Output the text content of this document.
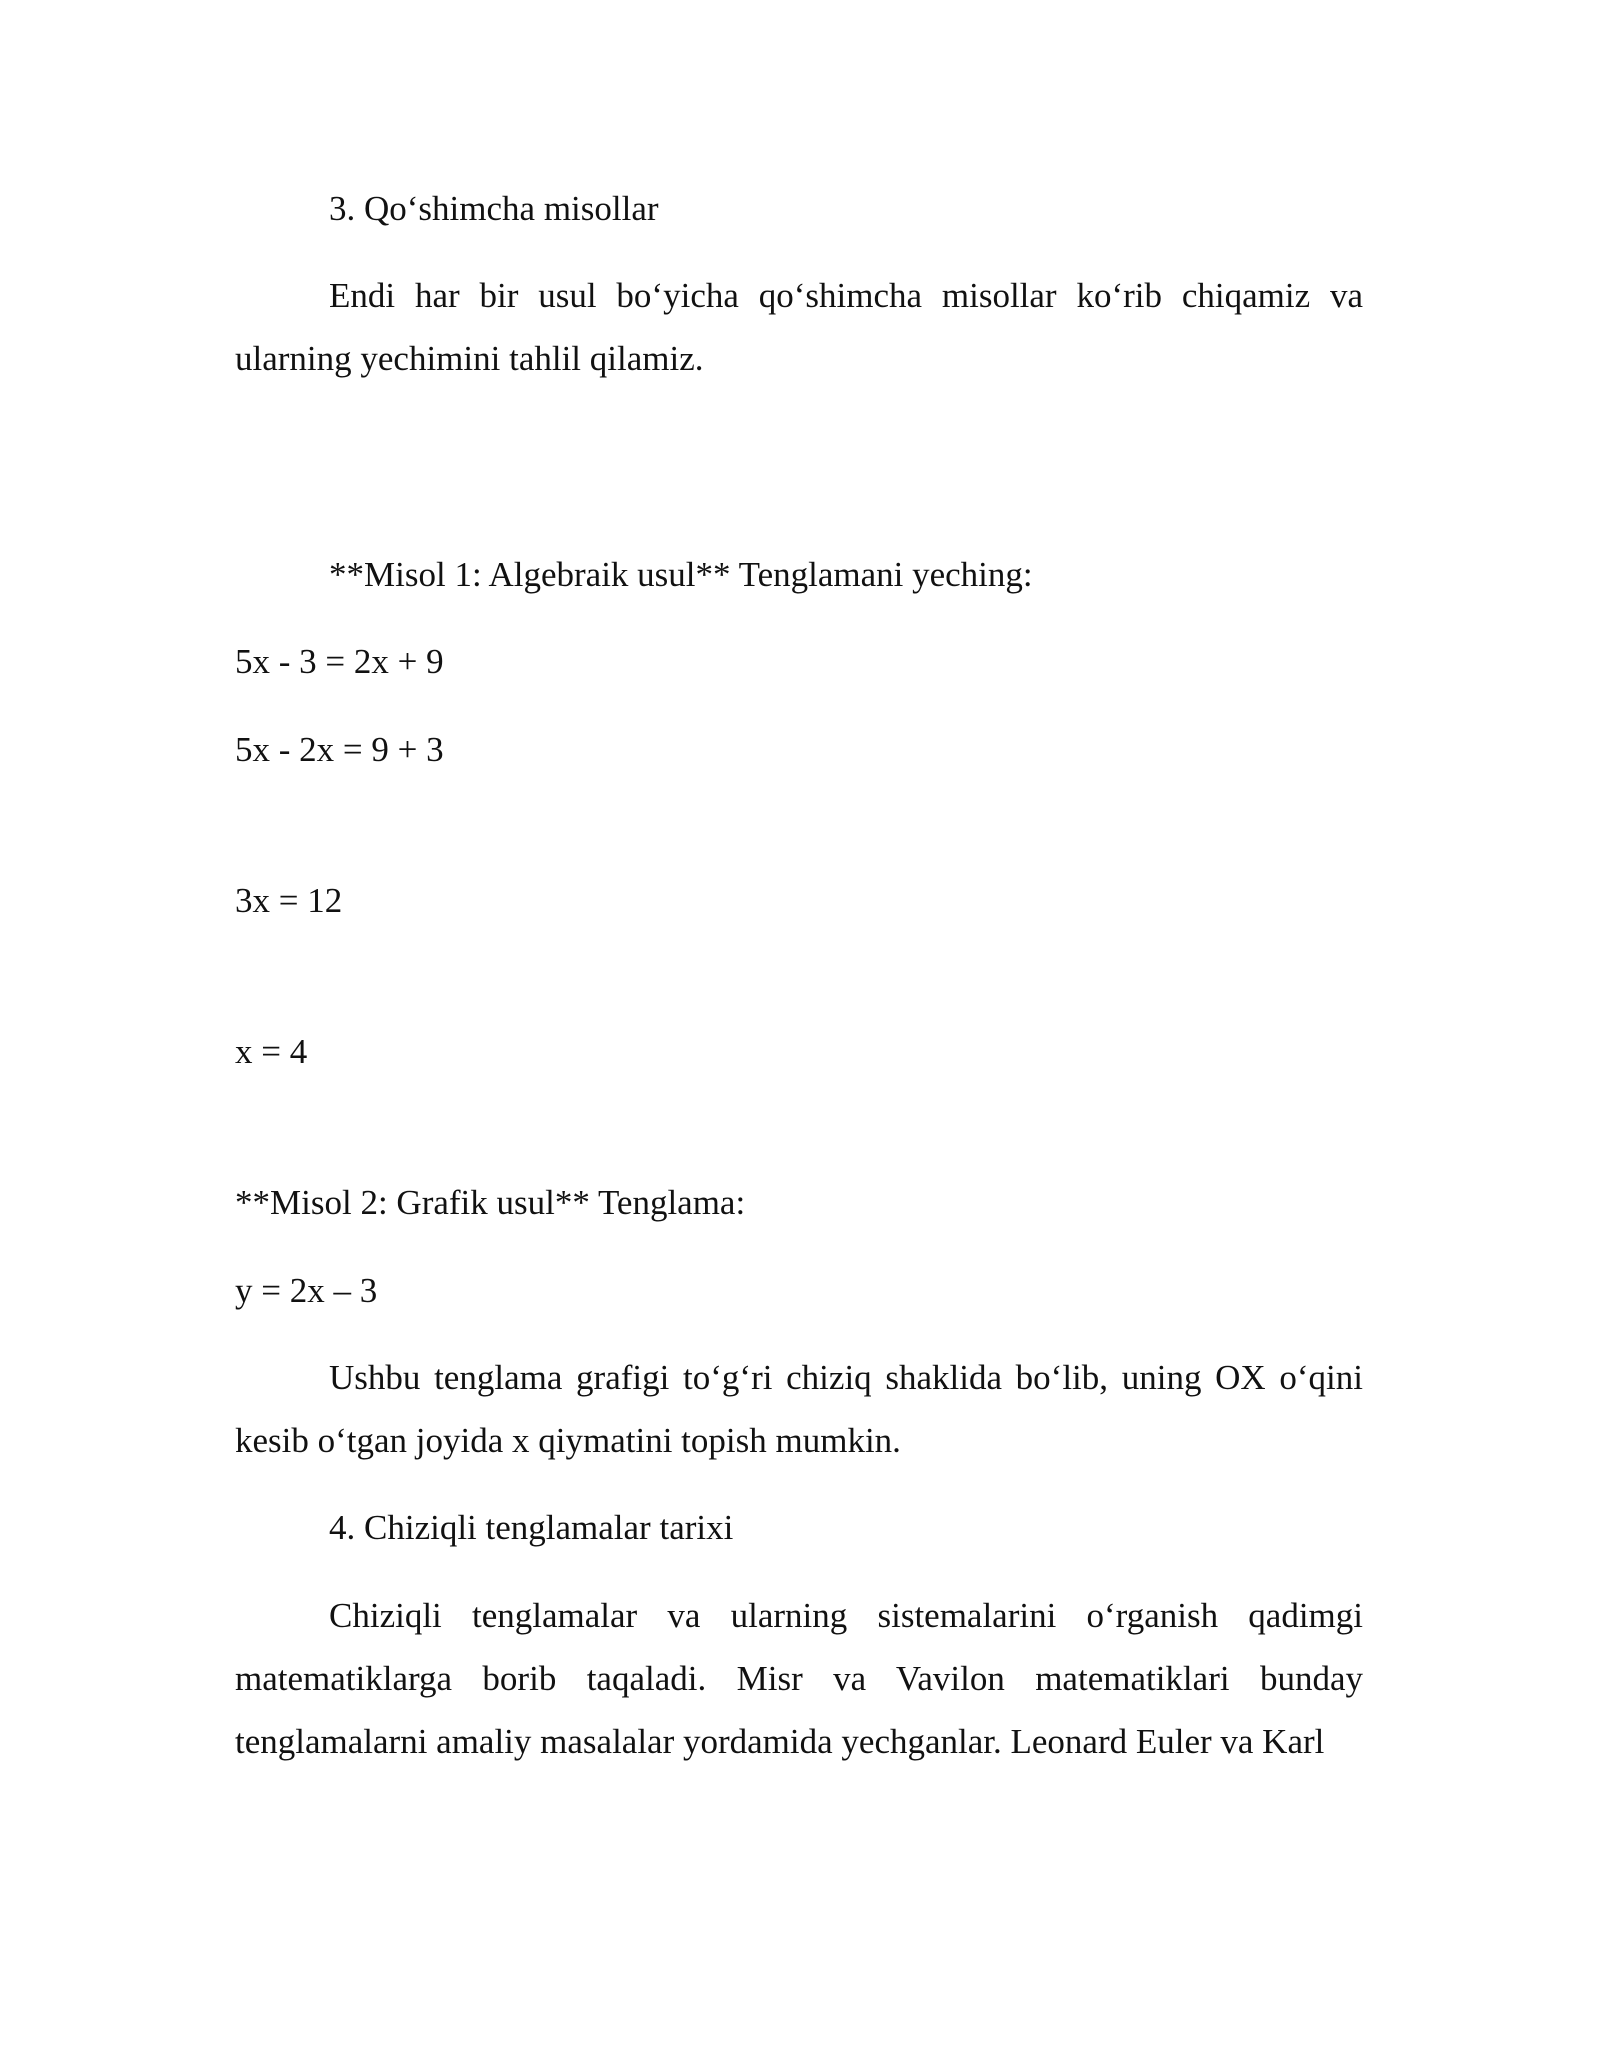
3. Qo‘shimcha misollar

Endi har bir usul bo‘yicha qo‘shimcha misollar ko‘rib chiqamiz va ularning yechimini tahlil qilamiz.

**Misol 1: Algebraik usul** Tenglamani yeching:

5x - 3 = 2x + 9

5x - 2x = 9 + 3

3x = 12

x = 4

**Misol 2: Grafik usul** Tenglama:

y = 2x – 3

Ushbu tenglama grafigi to‘g‘ri chiziq shaklida bo‘lib, uning OX o‘qini kesib o‘tgan joyida x qiymatini topish mumkin.

4. Chiziqli tenglamalar tarixi

Chiziqli tenglamalar va ularning sistemalarini o‘rganish qadimgi matematiklarga borib taqaladi. Misr va Vavilon matematiklari bunday tenglamalarni amaliy masalalar yordamida yechganlar. Leonard Euler va Karl
